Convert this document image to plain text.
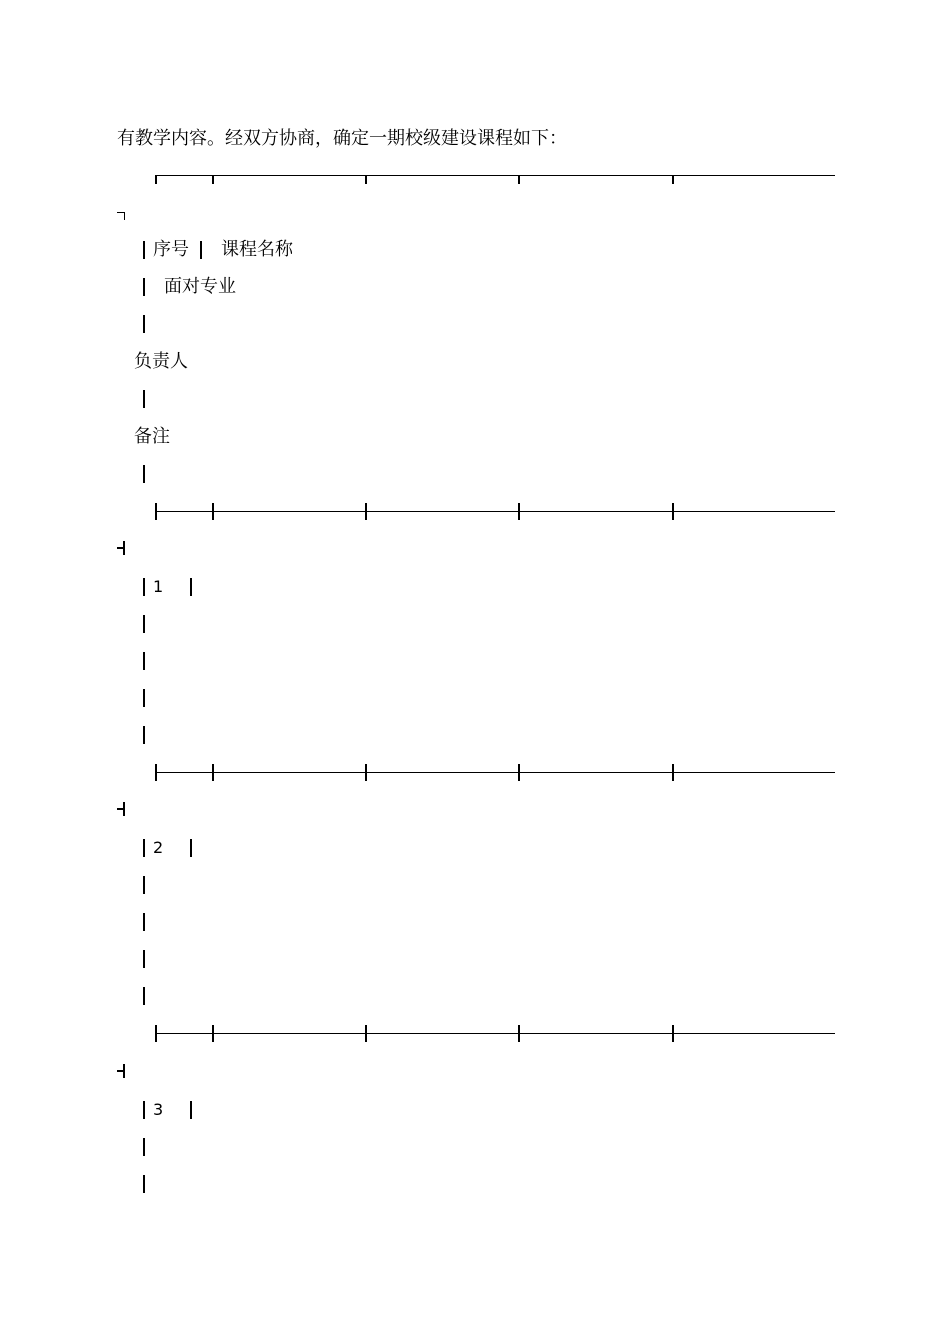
有教学内容。经双方协商，确定一期校级建设课程如下：
序号 课程名称
面对专业
负责人
备注
1
2
3
